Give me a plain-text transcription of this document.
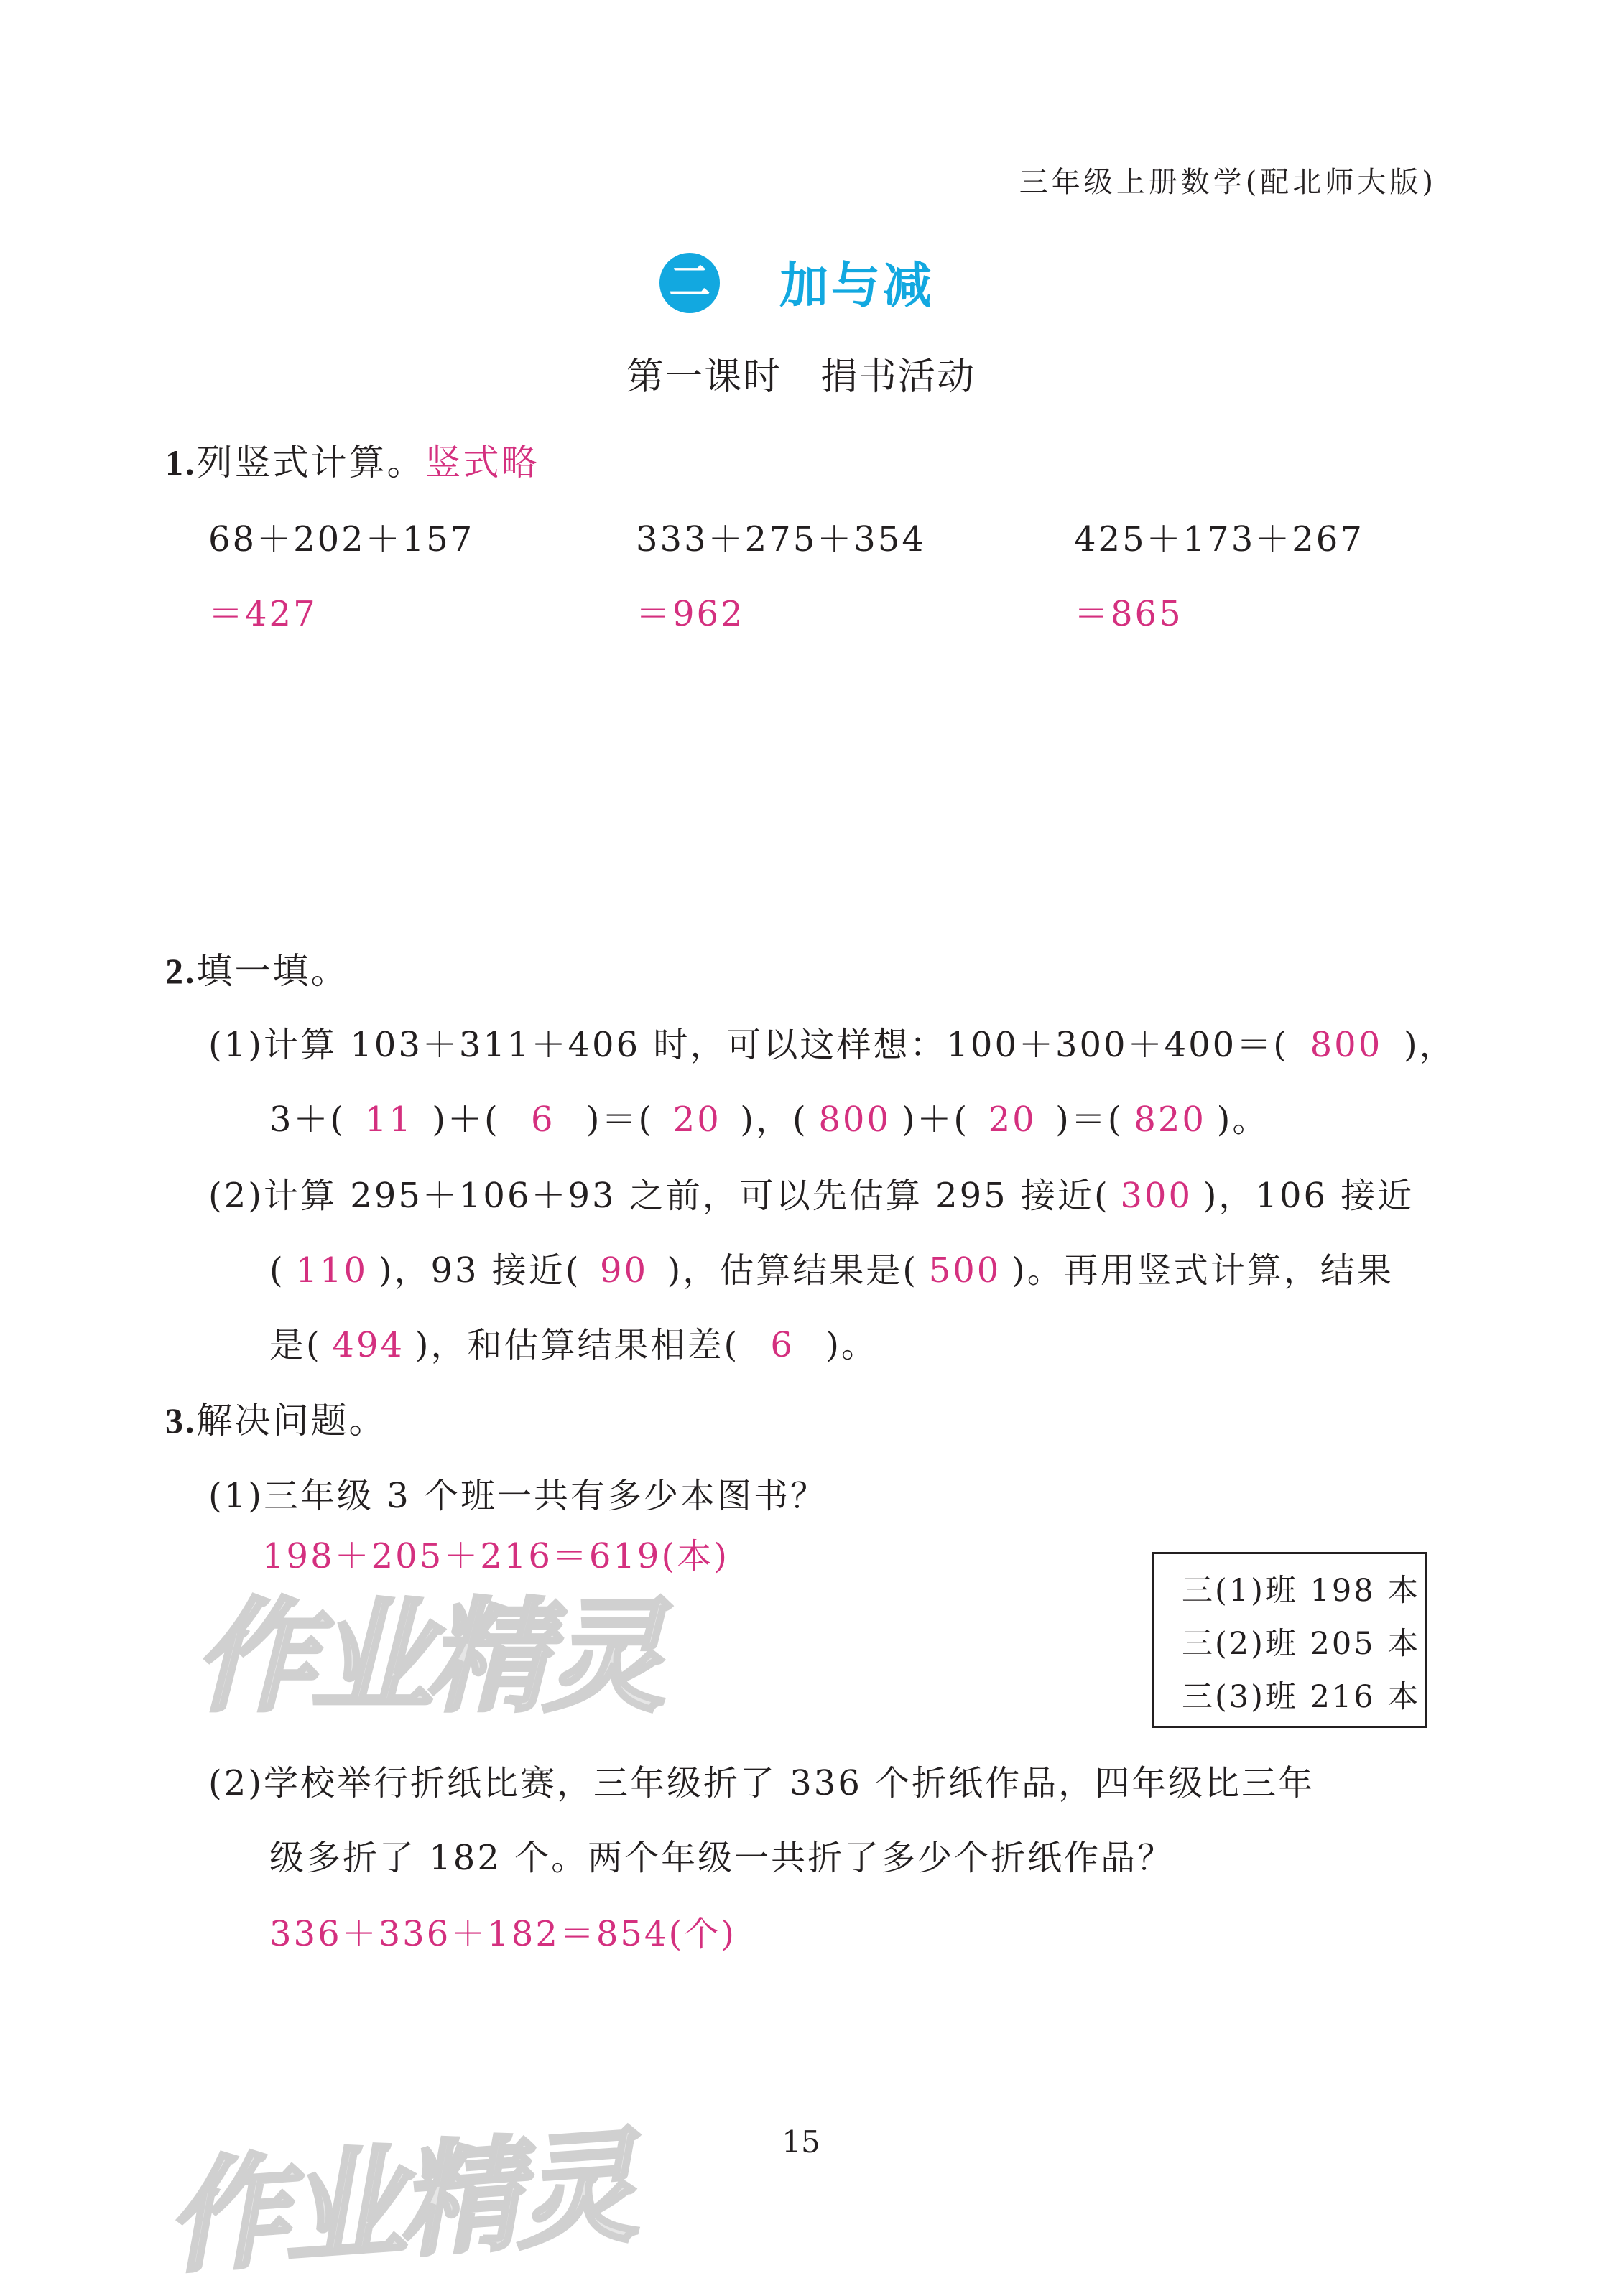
三年级上册数学(配北师大版)
二 加与减
第一课时　捐书活动
1.列竖式计算。竖式略
68＋202＋157	333＋275＋354	425＋173＋267
＝427	＝962	＝865
2.填一填。
(1)计算 103＋311＋406 时，可以这样想：100＋300＋400＝( 800 )，
3＋( 11 )＋( 6 )＝( 20 )，( 800 )＋( 20 )＝( 820 )。
(2)计算 295＋106＋93 之前，可以先估算 295 接近( 300 )，106 接近
( 110 )，93 接近( 90 )，估算结果是( 500 )。再用竖式计算，结果
是( 494 )，和估算结果相差( 6 )。
3.解决问题。
(1)三年级 3 个班一共有多少本图书？
198＋205＋216＝619(本)
三(1)班 198 本
三(2)班 205 本
三(3)班 216 本
(2)学校举行折纸比赛，三年级折了 336 个折纸作品，四年级比三年
级多折了 182 个。两个年级一共折了多少个折纸作品？
336＋336＋182＝854(个)
作业精灵
作业精灵	15
